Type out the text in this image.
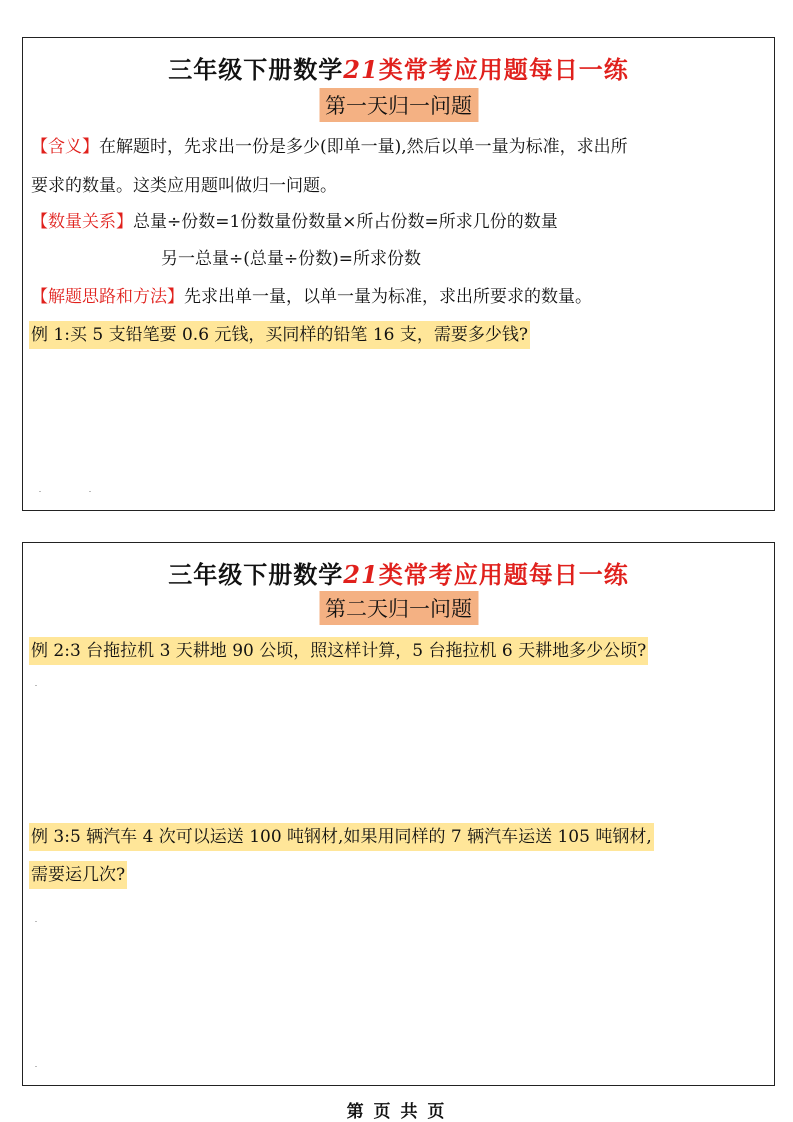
三年级下册数学21类常考应用题每日一练
第一天归一问题
【含义】在解题时，先求出一份是多少(即单一量),然后以单一量为标准，求出所
要求的数量。这类应用题叫做归一问题。
【数量关系】总量÷份数=1份数量份数量×所占份数=所求几份的数量
另一总量÷(总量÷份数)=所求份数
【解题思路和方法】先求出单一量，以单一量为标准，求出所要求的数量。
例 1:买 5 支铅笔要 0.6 元钱，买同样的铅笔 16 支，需要多少钱?
三年级下册数学21类常考应用题每日一练
第二天归一问题
例 2:3 台拖拉机 3 天耕地 90 公顷，照这样计算，5 台拖拉机 6 天耕地多少公顷?
例 3:5 辆汽车 4 次可以运送 100 吨钢材,如果用同样的 7 辆汽车运送 105 吨钢材,
需要运几次?
第 页 共 页
